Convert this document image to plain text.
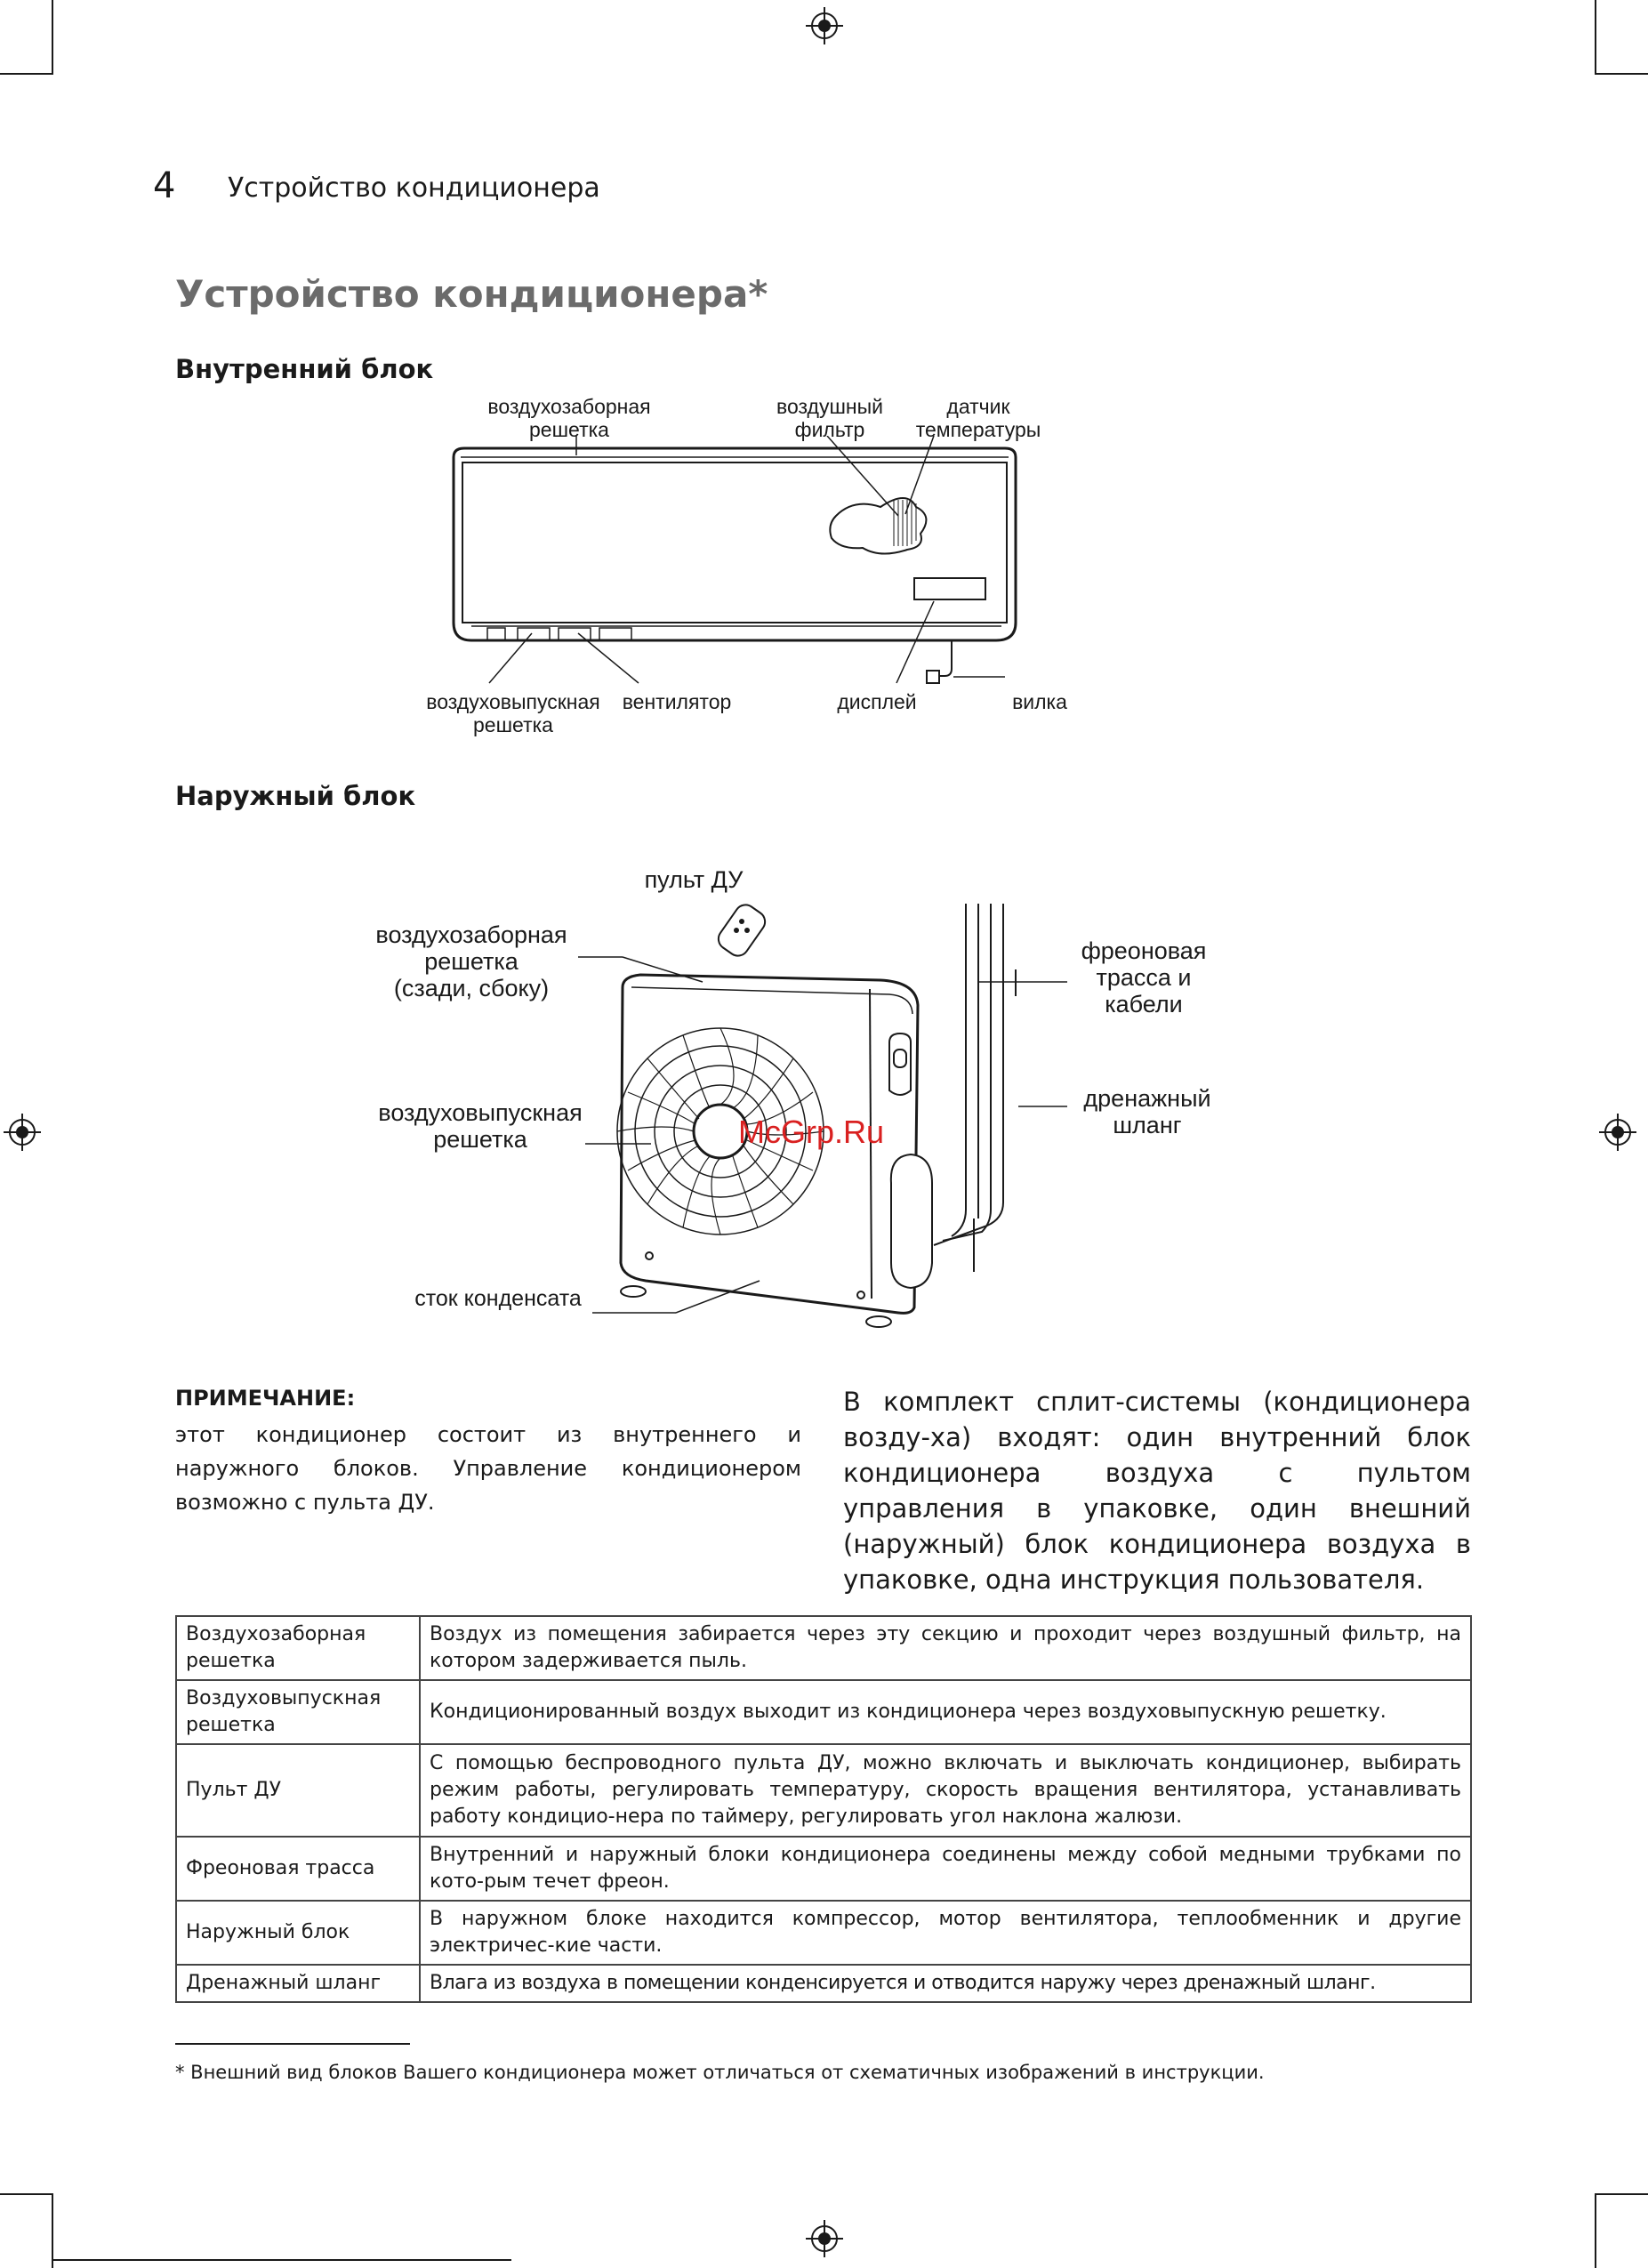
4 Устройство кондиционера
Устройство кондиционера*
Внутренний блок
воздухозаборная
решетка
воздушный
фильтр
датчик
температуры
воздуховыпускная
решетка
вентилятор	дисплей	вилка
Наружный блок
пульт ДУ
воздухозаборная
решетка
(сзади, сбоку)
воздуховыпускная
решетка
сток конденсата
фреоновая
трасса и
кабели
дренажный
шланг
McGrp.Ru
ПРИМЕЧАНИЕ:
этот кондиционер состоит из внутреннего и наружного блоков. Управление кондиционером возможно с пульта ДУ.
В комплект сплит-системы (кондиционера возду-ха) входят: один внутренний блок кондиционера воздуха с пультом управления в упаковке, один внешний (наружный) блок кондиционера воздуха в упаковке, одна инструкция пользователя.
Воздухозаборная решетка	Воздух из помещения забирается через эту секцию и проходит через воздушный фильтр, на котором задерживается пыль.
Воздуховыпускная решетка	Кондиционированный воздух выходит из кондиционера через воздуховыпускную решетку.
Пульт ДУ	С помощью беспроводного пульта ДУ, можно включать и выключать кондиционер, выбирать режим работы, регулировать температуру, скорость вращения вентилятора, устанавливать работу кондицио-нера по таймеру, регулировать угол наклона жалюзи.
Фреоновая трасса	Внутренний и наружный блоки кондиционера соединены между собой медными трубками по кото-рым течет фреон.
Наружный блок	В наружном блоке находится компрессор, мотор вентилятора, теплообменник и другие электричес-кие части.
Дренажный шланг	Влага из воздуха в помещении конденсируется и отводится наружу через дренажный шланг.
* Внешний вид блоков Вашего кондиционера может отличаться от схематичных изображений в инструкции.
